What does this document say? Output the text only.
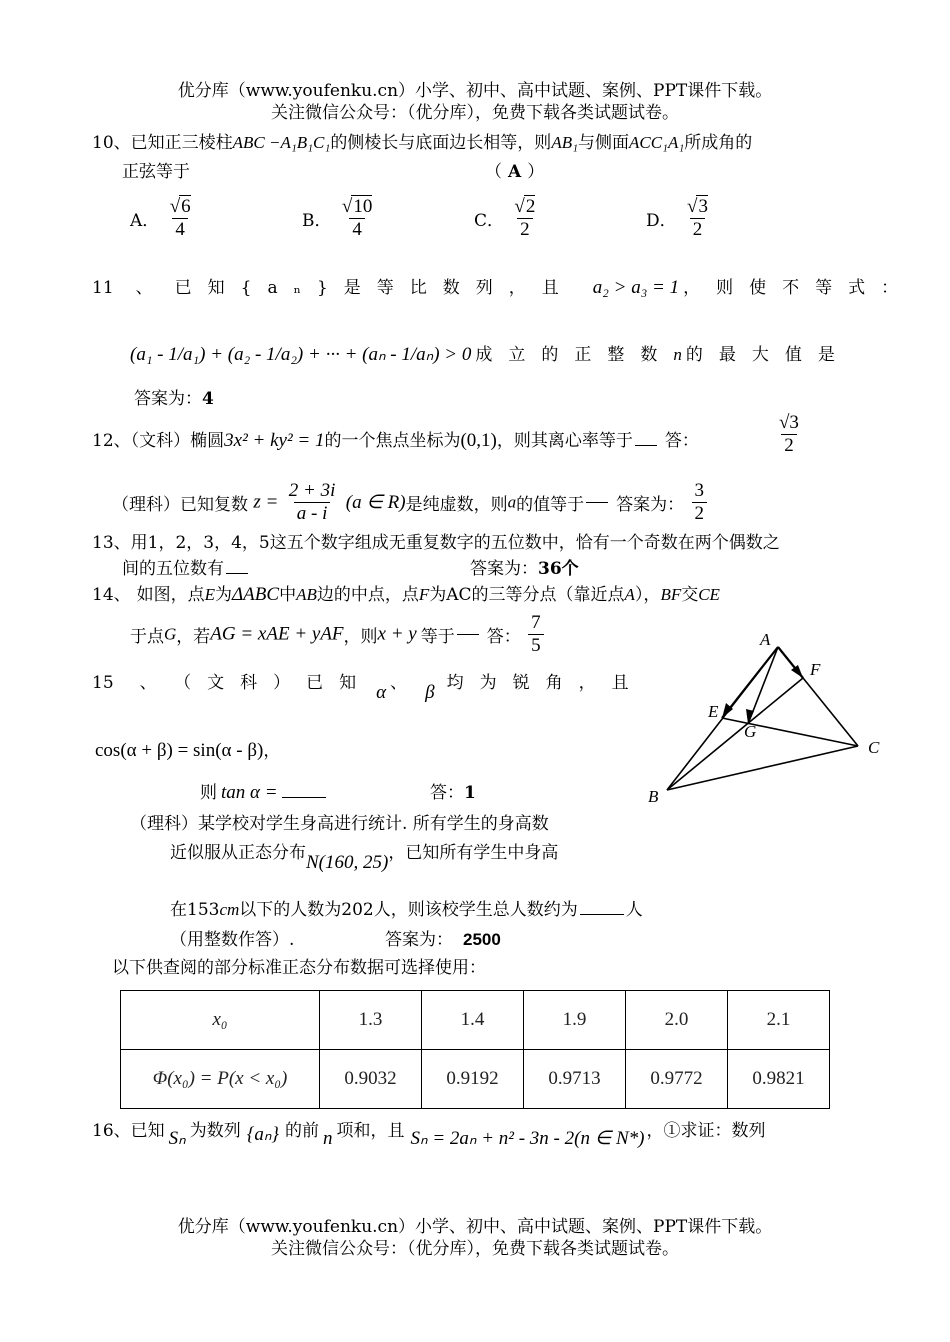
优分库（www.youfenku.cn）小学、初中、高中试题、案例、PPT课件下载。
关注微信公众号：（优分库），免费下载各类试题试卷。
10、已知正三棱柱ABC −A₁B₁C₁的侧棱长与底面边长相等，则AB₁与侧面ACC₁A₁所成角的
正弦等于	（ A ）
A． $\frac{√6}{4}$	B． $\frac{√10}{4}$	C． $\frac{√2}{2}$	D． $\frac{√3}{2}$
11 、 已知{aₙ}是等比数列，且 a₂ > a₃ = 1 ，则使不等式：
(a₁ - 1/a₁) + (a₂ - 1/a₂) + ··· + (aₙ - 1/aₙ) > 0 成立的正整数n 的最大值是
答案为：4
12、（文科）椭圆3x² + ky² = 1的一个焦点坐标为(0,1)，则其离心率等于 答：	$\frac{√3}{2}$
（理科）已知复数 $z = \frac{2 + 3i}{a - i} (a$ ∈ R)是纯虚数，则a的值等于 答案为： $\frac{3}{2}$
13、用1，2，3，4，5这五个数字组成无重复数字的五位数中，恰有一个奇数在两个偶数之
间的五位数有	答案为：36个
14、 如图，点E为ΔABC中AB边的中点，点F为AC的三等分点（靠近点A），BF交CE
于点G，若AG = xAE + yAF，则x + y 等于 答： $\frac{7}{5}$	A
B
C
E
F
G
15 、 （文科）已知 α 、 β 均为锐角，且
cos(α + β) = sin(α - β)，
则 tan α =	答：1
（理科）某学校对学生身高进行统计. 所有学生的身高数
近似服从正态分布N(160, 25)，已知所有学生中身高
在153cm以下的人数为202人，则该校学生总人数约为	人
（用整数作答）.	答案为： 2500
以下供查阅的部分标准正态分布数据可选择使用：
x₀	1.3	1.4	1.9	2.0	2.1
Φ(x₀) = P(x < x₀)	0.9032	0.9192	0.9713	0.9772	0.9821
16、已知 Sₙ 为数列 {aₙ} 的前 n 项和，且 Sₙ = 2aₙ + n² - 3n - 2(n ∈ N*) ，①求证：数列
优分库（www.youfenku.cn）小学、初中、高中试题、案例、PPT课件下载。
关注微信公众号：（优分库），免费下载各类试题试卷。
